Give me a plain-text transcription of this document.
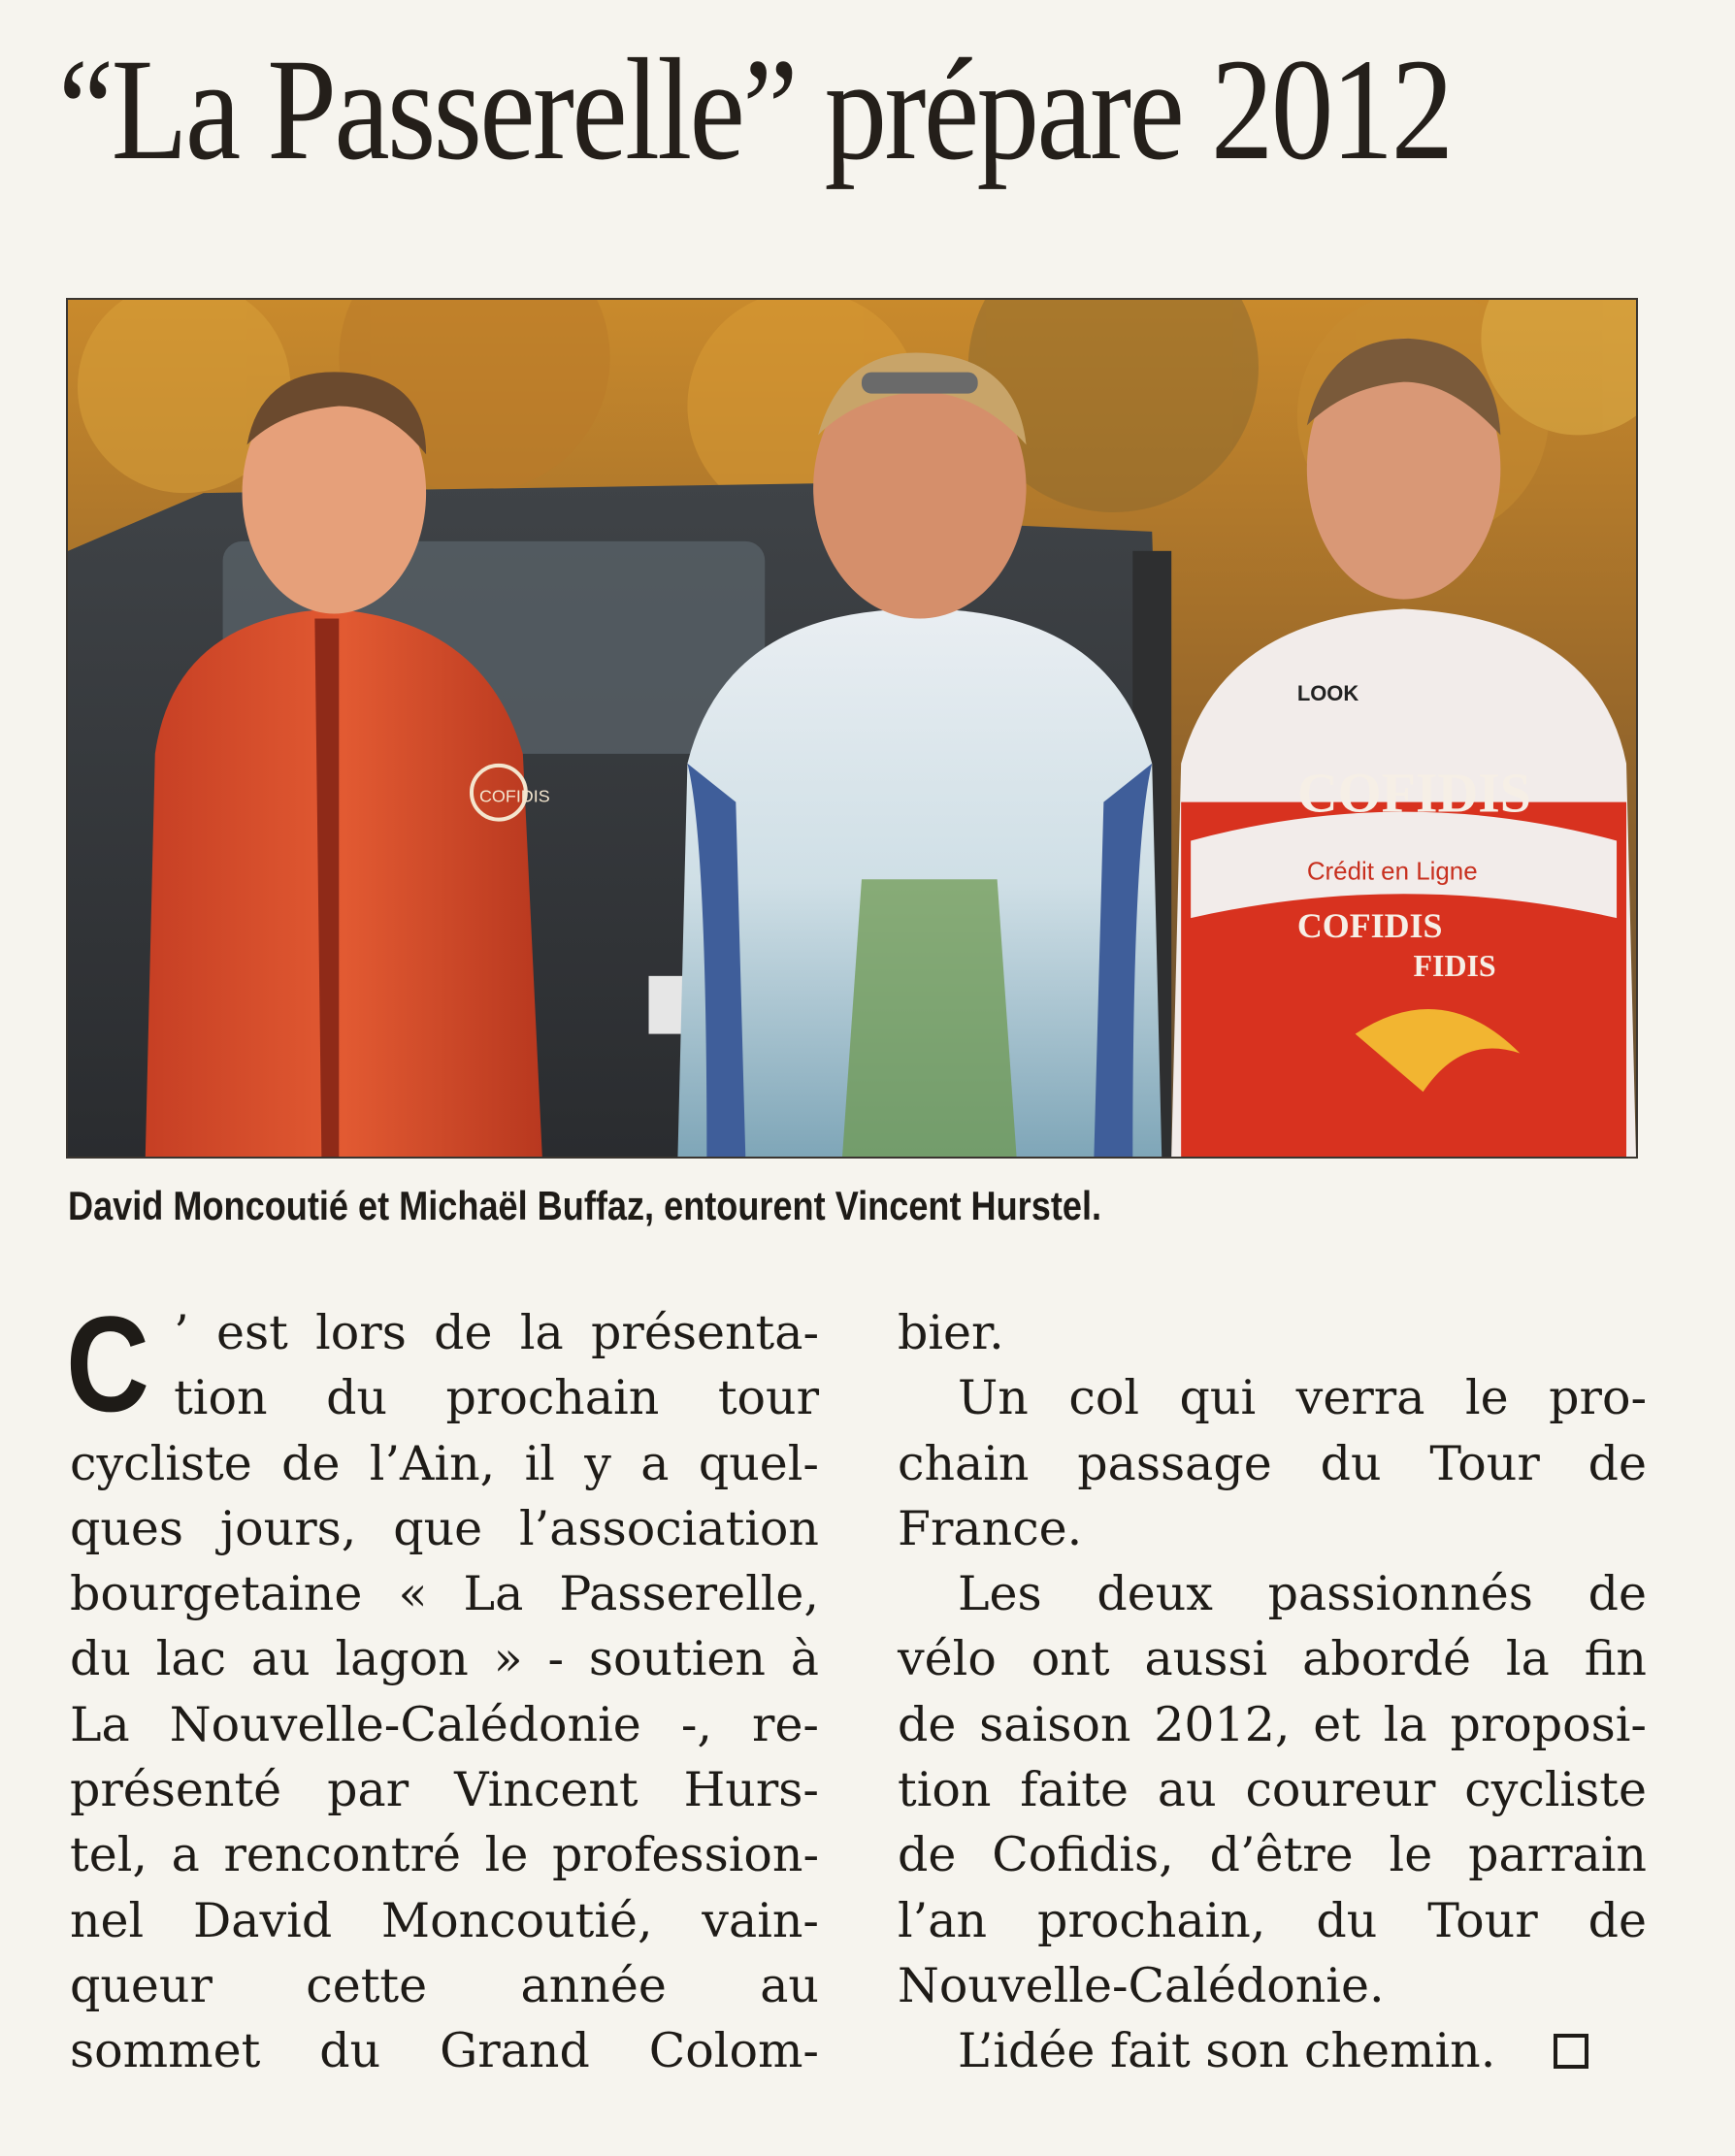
“La Passerelle” prépare 2012
COFIDIS	COFIDIS
Crédit en Ligne
COFIDIS
FIDIS
LOOK
David Moncoutié et Michaël Buffaz, entourent Vincent Hurstel.
C ’ est lors de la présenta-
tion du prochain tour
cycliste de l’Ain, il y a quel-
ques jours, que l’association
bourgetaine « La Passerelle,
du lac au lagon » - soutien à
La Nouvelle-Calédonie -, re-
présenté par Vincent Hurs-
tel, a rencontré le profession-
nel David Moncoutié, vain-
queur cette année au
sommet du Grand Colom-
bier.
Un col qui verra le pro-
chain passage du Tour de
France.
Les deux passionnés de
vélo ont aussi abordé la fin
de saison 2012, et la proposi-
tion faite au coureur cycliste
de Cofidis, d’être le parrain
l’an prochain, du Tour de
Nouvelle-Calédonie.
L’idée fait son chemin.
